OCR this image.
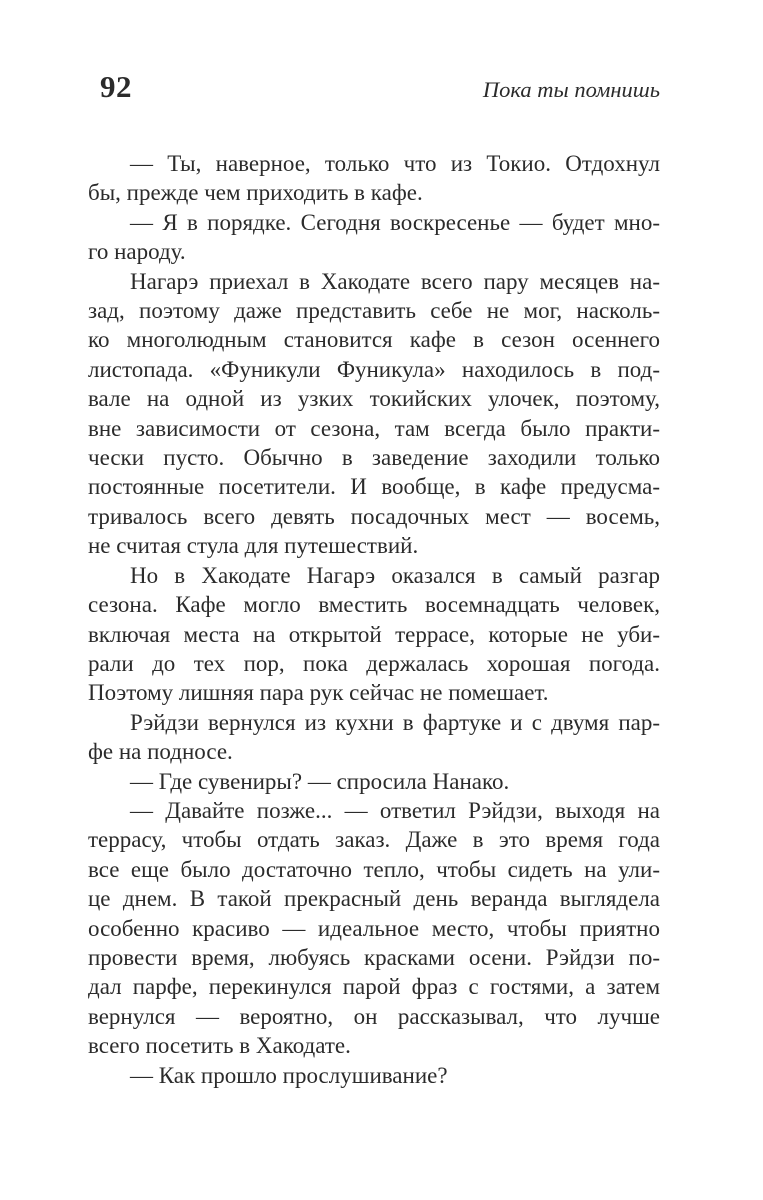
92	Пока ты помнишь
— Ты, наверное, только что из Токио. Отдохнул
бы, прежде чем приходить в кафе.
— Я в порядке. Сегодня воскресенье — будет мно-
го народу.
Нагарэ приехал в Хакодате всего пару месяцев на-
зад, поэтому даже представить себе не мог, насколь-
ко многолюдным становится кафе в сезон осеннего
листопада. «Фуникули Фуникула» находилось в под-
вале на одной из узких токийских улочек, поэтому,
вне зависимости от сезона, там всегда было практи-
чески пусто. Обычно в заведение заходили только
постоянные посетители. И вообще, в кафе предусма-
тривалось всего девять посадочных мест — восемь,
не считая стула для путешествий.
Но в Хакодате Нагарэ оказался в самый разгар
сезона. Кафе могло вместить восемнадцать человек,
включая места на открытой террасе, которые не уби-
рали до тех пор, пока держалась хорошая погода.
Поэтому лишняя пара рук сейчас не помешает.
Рэйдзи вернулся из кухни в фартуке и с двумя пар-
фе на подносе.
— Где сувениры? — спросила Нанако.
— Давайте позже... — ответил Рэйдзи, выходя на
террасу, чтобы отдать заказ. Даже в это время года
все еще было достаточно тепло, чтобы сидеть на ули-
це днем. В такой прекрасный день веранда выглядела
особенно красиво — идеальное место, чтобы приятно
провести время, любуясь красками осени. Рэйдзи по-
дал парфе, перекинулся парой фраз с гостями, а затем
вернулся — вероятно, он рассказывал, что лучше
всего посетить в Хакодате.
— Как прошло прослушивание?
